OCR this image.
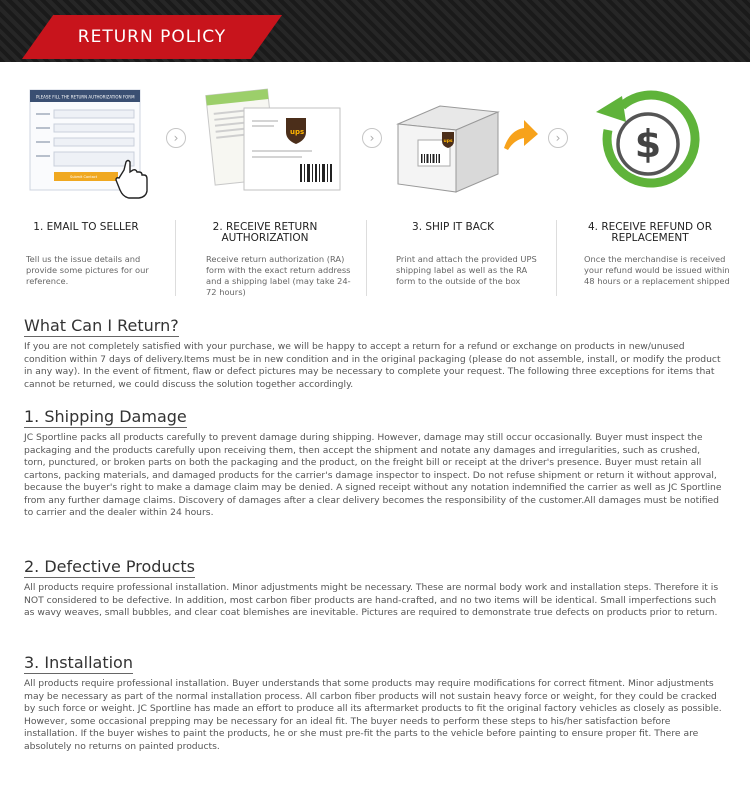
RETURN POLICY
PLEASE FILL THE RETURN AUTHORIZATION FORM
Submit Contact
›	ups	›	ups	› $
1. EMAIL TO SELLER	2. RECEIVE RETURN AUTHORIZATION
3. SHIP IT BACK	4. RECEIVE REFUND OR REPLACEMENT
Tell us the issue details and provide some pictures for our reference.
Receive return authorization (RA) form with the exact return address and a shipping label (may take 24-72 hours)
Print and attach the provided UPS shipping label as well as the RA form to the outside of the box
Once the merchandise is received your refund would be issued within 48 hours or a replacement shipped
What Can I Return?

If you are not completely satisfied with your purchase, we will be happy to accept a return for a refund or exchange on products in new/unused condition within 7 days of delivery.Items must be in new condition and in the original packaging (please do not assemble, install, or modify the product in any way). In the event of fitment, flaw or defect pictures may be necessary to complete your request. The following three exceptions for items that cannot be returned, we could discuss the solution together accordingly.

1. Shipping Damage

JC Sportline packs all products carefully to prevent damage during shipping. However, damage may still occur occasionally. Buyer must inspect the packaging and the products carefully upon receiving them, then accept the shipment and notate any damages and irregularities, such as crushed, torn, punctured, or broken parts on both the packaging and the product, on the freight bill or receipt at the driver's presence. Buyer must retain all cartons, packing materials, and damaged products for the carrier's damage inspector to inspect. Do not refuse shipment or return it without approval, because the buyer's right to make a damage claim may be denied. A signed receipt without any notation indemnified the carrier as well as JC Sportline from any further damage claims. Discovery of damages after a clear delivery becomes the responsibility of the customer.All damages must be notified to carrier and the dealer within 24 hours.

2. Defective Products

All products require professional installation. Minor adjustments might be necessary. These are normal body work and installation steps. Therefore it is NOT considered to be defective. In addition, most carbon fiber products are hand-crafted, and no two items will be identical. Small imperfections such as wavy weaves, small bubbles, and clear coat blemishes are inevitable. Pictures are required to demonstrate true defects on products prior to return.

3. Installation

All products require professional installation. Buyer understands that some products may require modifications for correct fitment. Minor adjustments may be necessary as part of the normal installation process. All carbon fiber products will not sustain heavy force or weight, for they could be cracked by such force or weight. JC Sportline has made an effort to produce all its aftermarket products to fit the original factory vehicles as closely as possible. However, some occasional prepping may be necessary for an ideal fit. The buyer needs to perform these steps to his/her satisfaction before installation. If the buyer wishes to paint the products, he or she must pre-fit the parts to the vehicle before painting to ensure proper fit. There are absolutely no returns on painted products.
